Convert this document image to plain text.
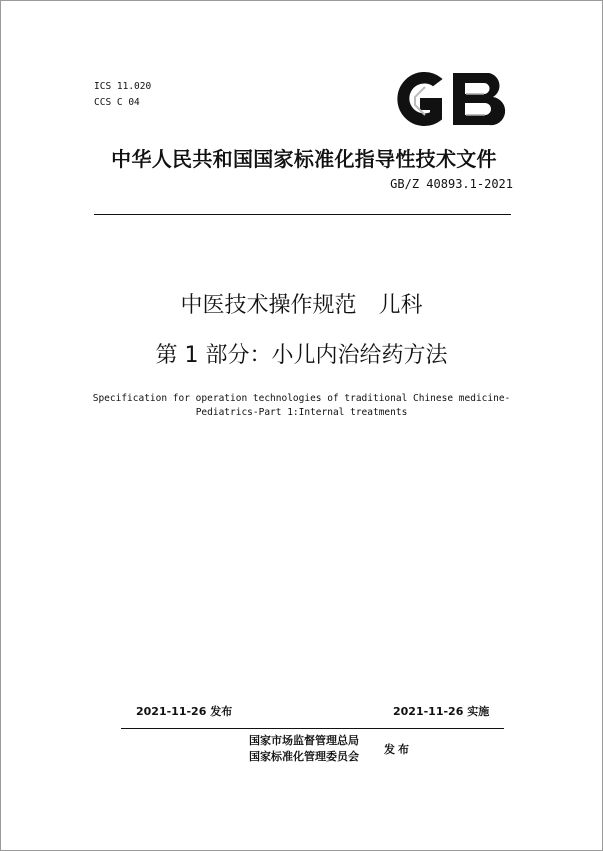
ICS 11.020
CCS C 04
中华人民共和国国家标准化指导性技术文件
GB/Z 40893.1-2021
中医技术操作规范　儿科
第 1 部分：小儿内治给药方法
Specification for operation technologies of traditional Chinese medicine-
Pediatrics-Part 1:Internal treatments
2021-11-26 发布	2021-11-26 实施
国家市场监督管理总局
国家标准化管理委员会
发布
